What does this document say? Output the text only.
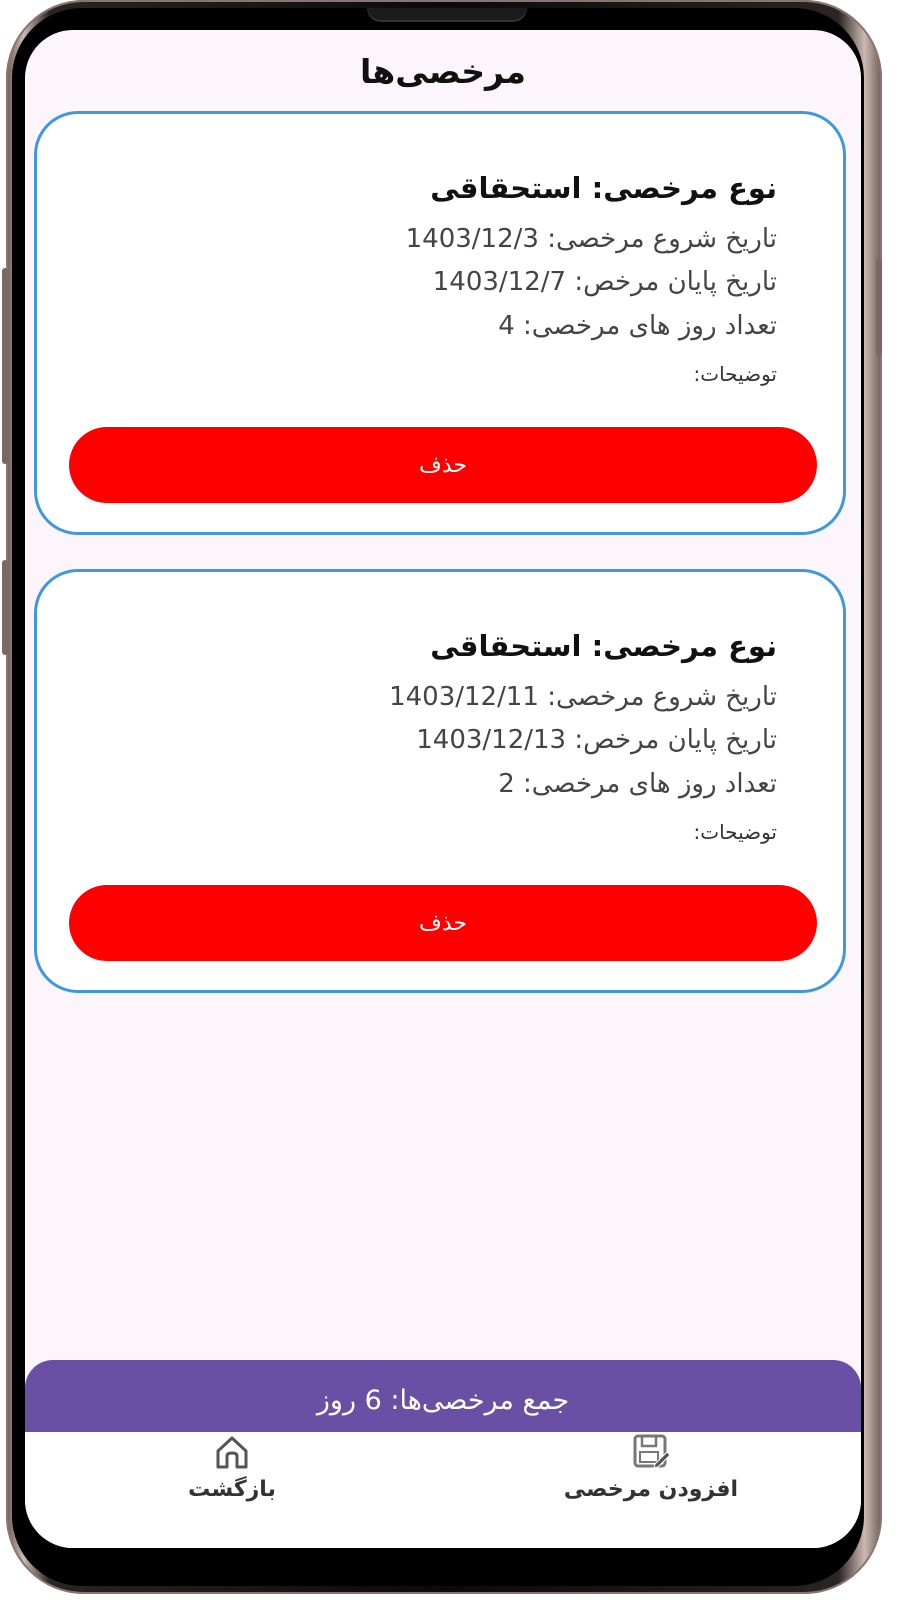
مرخصی‌ها
نوع مرخصی: استحقاقی
تاریخ شروع مرخصی: 1403/12/3
تاریخ پایان مرخص: 1403/12/7
تعداد روز های مرخصی: 4
توضیحات:
حذف
نوع مرخصی: استحقاقی
تاریخ شروع مرخصی: 1403/12/11
تاریخ پایان مرخص: 1403/12/13
تعداد روز های مرخصی: 2
توضیحات:
حذف
جمع مرخصی‌ها: 6 روز
بازگشت	افزودن مرخصی
